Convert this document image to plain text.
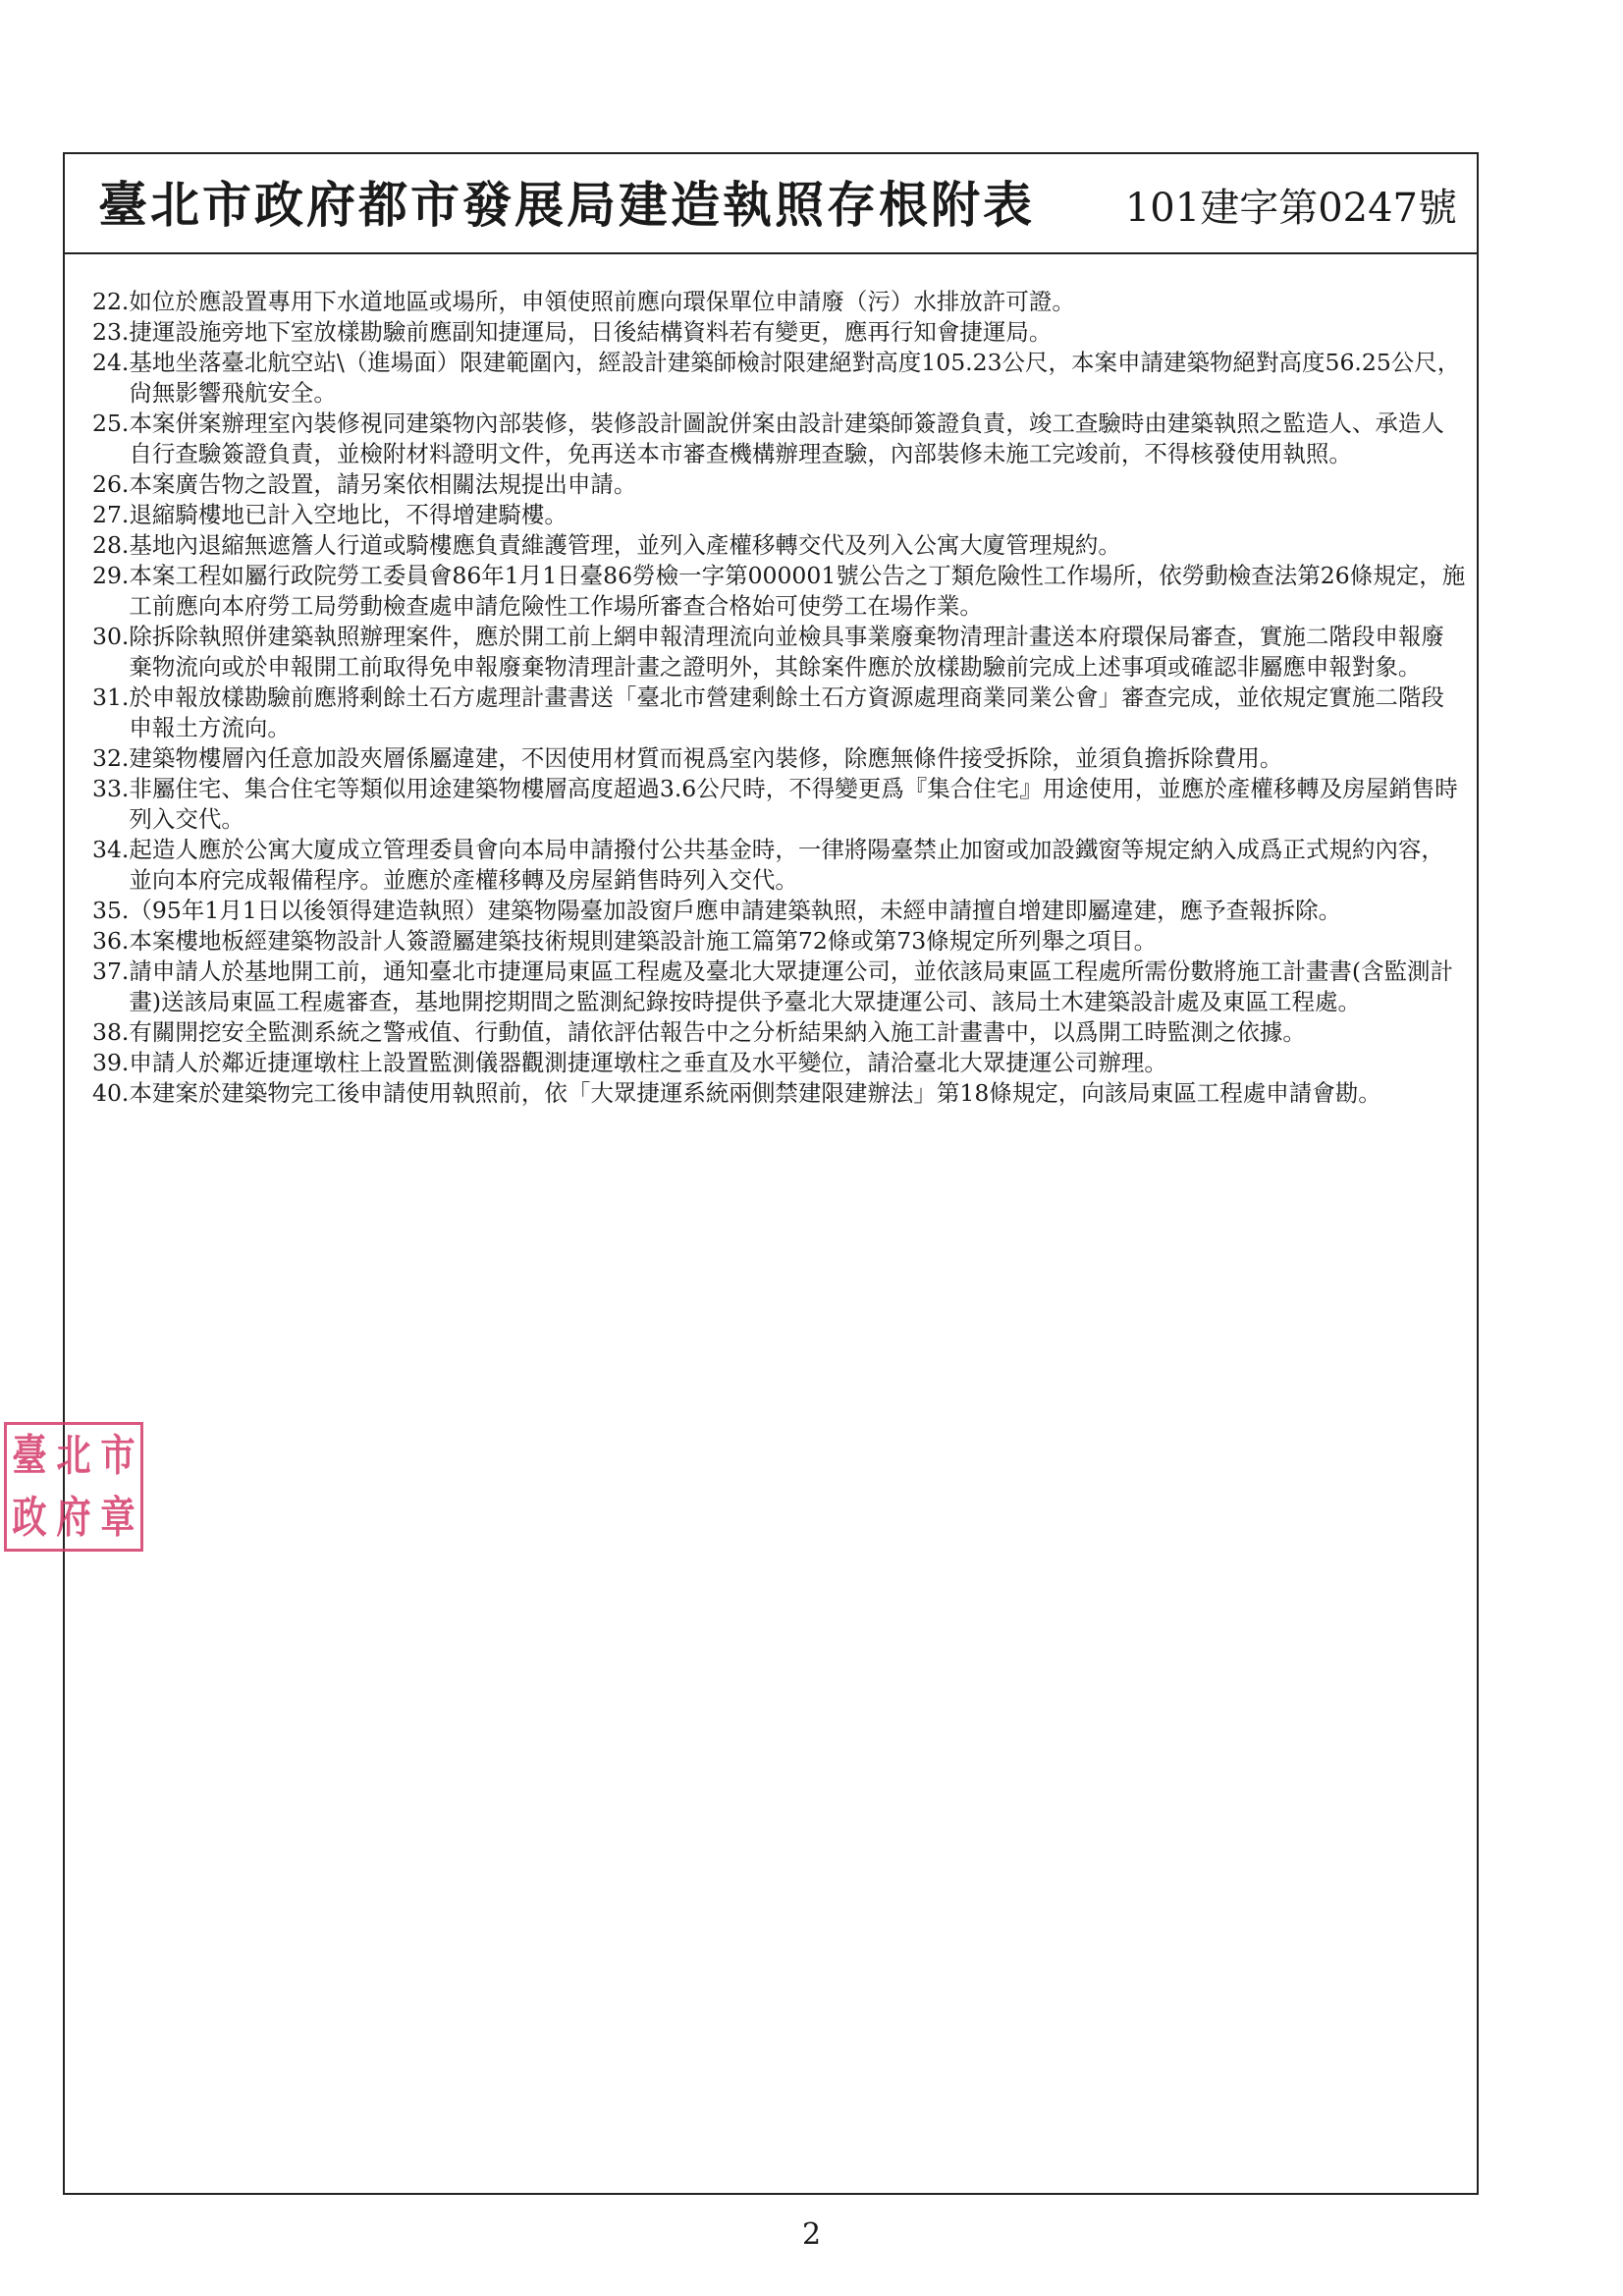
臺北市政府都市發展局建造執照存根附表 101建字第0247號
22. 如位於應設置專用下水道地區或場所，申領使照前應向環保單位申請廢（污）水排放許可證。
23. 捷運設施旁地下室放樣勘驗前應副知捷運局，日後結構資料若有變更，應再行知會捷運局。
24. 基地坐落臺北航空站\（進場面）限建範圍內，經設計建築師檢討限建絕對高度105.23公尺，本案申請建築物絕對高度56.25公尺，尙無影響飛航安全。
25. 本案併案辦理室內裝修視同建築物內部裝修，裝修設計圖說併案由設計建築師簽證負責，竣工查驗時由建築執照之監造人、承造人自行查驗簽證負責，並檢附材料證明文件，免再送本市審查機構辦理查驗，內部裝修未施工完竣前，不得核發使用執照。
26. 本案廣告物之設置，請另案依相關法規提出申請。
27. 退縮騎樓地已計入空地比，不得增建騎樓。
28. 基地內退縮無遮簷人行道或騎樓應負責維護管理，並列入產權移轉交代及列入公寓大廈管理規約。
29. 本案工程如屬行政院勞工委員會86年1月1日臺86勞檢一字第000001號公告之丁類危險性工作場所，依勞動檢查法第26條規定，施工前應向本府勞工局勞動檢查處申請危險性工作場所審查合格始可使勞工在場作業。
30. 除拆除執照併建築執照辦理案件，應於開工前上網申報清理流向並檢具事業廢棄物清理計畫送本府環保局審查，實施二階段申報廢棄物流向或於申報開工前取得免申報廢棄物清理計畫之證明外，其餘案件應於放樣勘驗前完成上述事項或確認非屬應申報對象。
31. 於申報放樣勘驗前應將剩餘土石方處理計畫書送「臺北市營建剩餘土石方資源處理商業同業公會」審查完成，並依規定實施二階段申報土方流向。
32. 建築物樓層內任意加設夾層係屬違建，不因使用材質而視爲室內裝修，除應無條件接受拆除，並須負擔拆除費用。
33. 非屬住宅、集合住宅等類似用途建築物樓層高度超過3.6公尺時，不得變更爲『集合住宅』用途使用，並應於產權移轉及房屋銷售時列入交代。
34. 起造人應於公寓大廈成立管理委員會向本局申請撥付公共基金時，一律將陽臺禁止加窗或加設鐵窗等規定納入成爲正式規約內容，並向本府完成報備程序。並應於產權移轉及房屋銷售時列入交代。
35. （95年1月1日以後領得建造執照）建築物陽臺加設窗戶應申請建築執照，未經申請擅自增建即屬違建，應予查報拆除。
36. 本案樓地板經建築物設計人簽證屬建築技術規則建築設計施工篇第72條或第73條規定所列舉之項目。
37. 請申請人於基地開工前，通知臺北市捷運局東區工程處及臺北大眾捷運公司，並依該局東區工程處所需份數將施工計畫書(含監測計畫)送該局東區工程處審查，基地開挖期間之監測紀錄按時提供予臺北大眾捷運公司、該局土木建築設計處及東區工程處。
38. 有關開挖安全監測系統之警戒值、行動值，請依評估報告中之分析結果納入施工計畫書中，以爲開工時監測之依據。
39. 申請人於鄰近捷運墩柱上設置監測儀器觀測捷運墩柱之垂直及水平變位，請洽臺北大眾捷運公司辦理。
40. 本建案於建築物完工後申請使用執照前，依「大眾捷運系統兩側禁建限建辦法」第18條規定，向該局東區工程處申請會勘。
臺 北 市
政 府 章
2
